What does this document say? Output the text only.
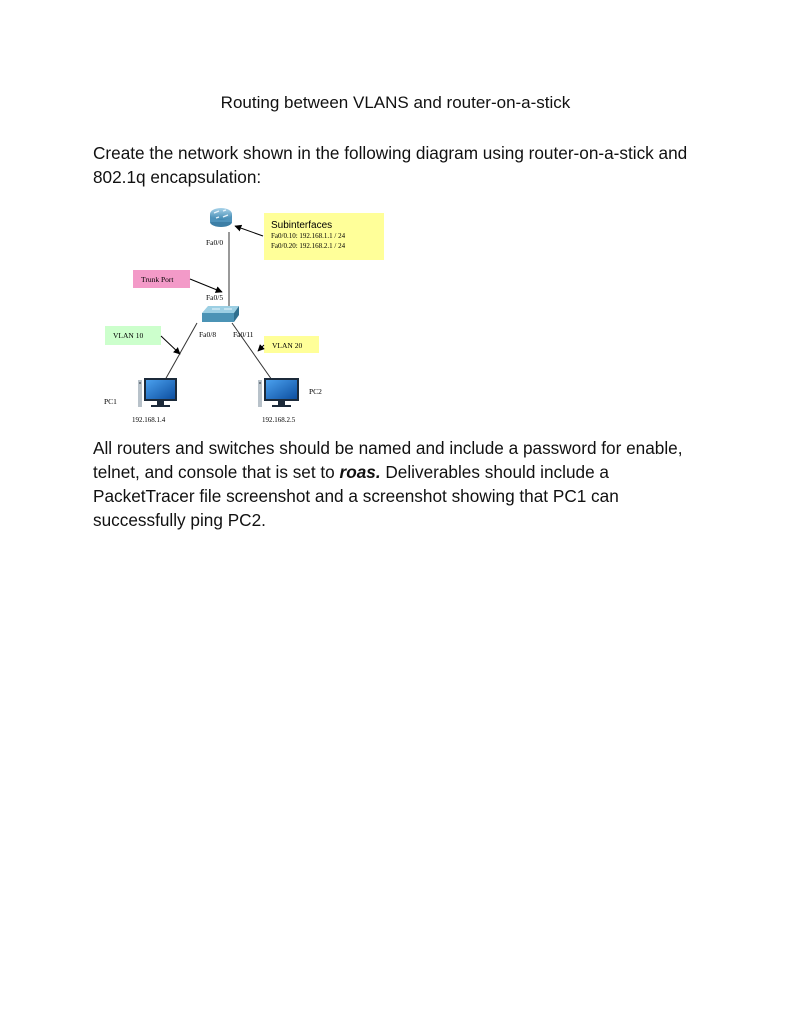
Routing between VLANS and router-on-a-stick
Create the network shown in the following diagram using router-on-a-stick and 802.1q encapsulation:
Fa0/0
Subinterfaces
Fa0/0.10: 192.168.1.1 / 24
Fa0/0.20: 192.168.2.1 / 24
Trunk Port
Fa0/5
Fa0/8 Fa0/11
VLAN 10
VLAN 20
PC1
192.168.1.4
PC2
192.168.2.5
All routers and switches should be named and include a password for enable, telnet, and console that is set to roas. Deliverables should include a PacketTracer file screenshot and a screenshot showing that PC1 can successfully ping PC2.
